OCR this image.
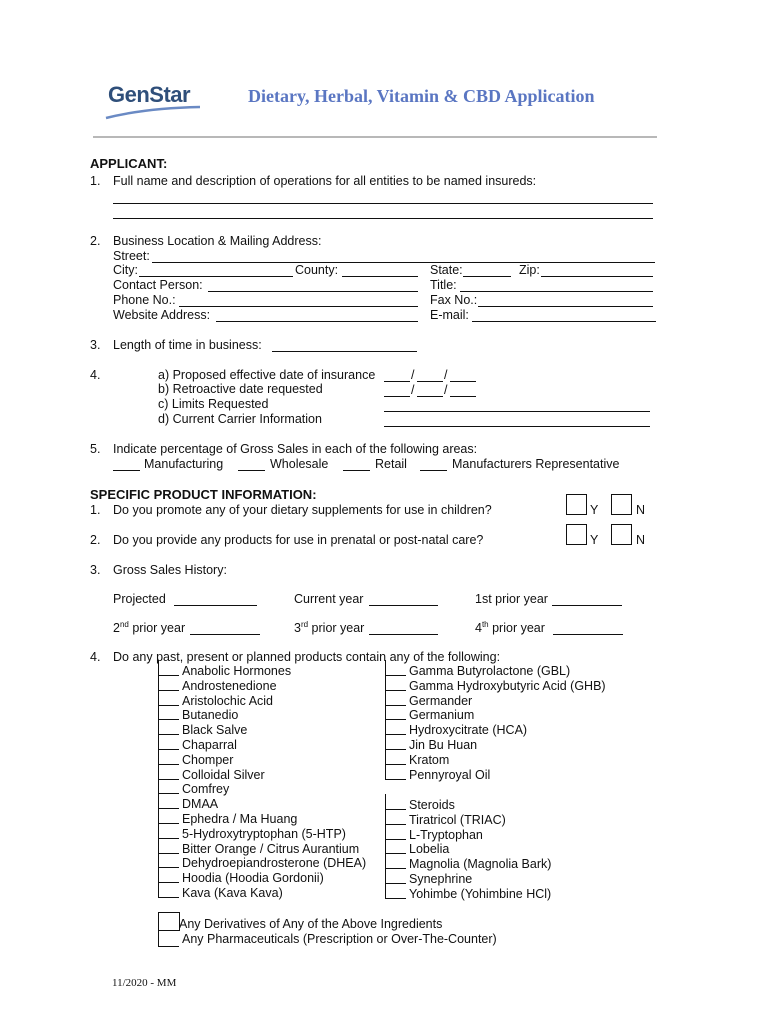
GenStar	Dietary, Herbal, Vitamin & CBD Application
APPLICANT:
1. Full name and description of operations for all entities to be named insureds:
2. Business Location & Mailing Address:
Street:
City:	County:	State:	Zip:
Contact Person:	Title:
Phone No.:	Fax No.:
Website Address:	E-mail:
3. Length of time in business:
4.	a) Proposed effective date of insurance
b) Retroactive date requested
c) Limits Requested
d) Current Carrier Information
/ /
/ /
5. Indicate percentage of Gross Sales in each of the following areas:
Manufacturing	Wholesale	Retail	Manufacturers Representative
SPECIFIC PRODUCT INFORMATION:
1. Do you promote any of your dietary supplements for use in children?	Y	N
2. Do you provide any products for use in prenatal or post-natal care?	Y	N
3. Gross Sales History:
Projected	Current year	1st prior year
2nd prior year	3rd prior year	4th prior year
4. Do any past, present or planned products contain any of the following:
Any Derivatives of Any of the Above Ingredients
Any Pharmaceuticals (Prescription or Over-The-Counter)
11/2020 - MM
Anabolic Hormones
Androstenedione
Aristolochic Acid
Butanedio
Black Salve
Chaparral
Chomper
Colloidal Silver
Comfrey
DMAA
Ephedra / Ma Huang
5-Hydroxytryptophan (5-HTP)
Bitter Orange / Citrus Aurantium
Dehydroepiandrosterone (DHEA)
Hoodia (Hoodia Gordonii)
Kava (Kava Kava)
Gamma Butyrolactone (GBL)
Gamma Hydroxybutyric Acid (GHB)
Germander
Germanium
Hydroxycitrate (HCA)
Jin Bu Huan
Kratom
Pennyroyal Oil
Steroids
Tiratricol (TRIAC)
L-Tryptophan
Lobelia
Magnolia (Magnolia Bark)
Synephrine
Yohimbe (Yohimbine HCl)
